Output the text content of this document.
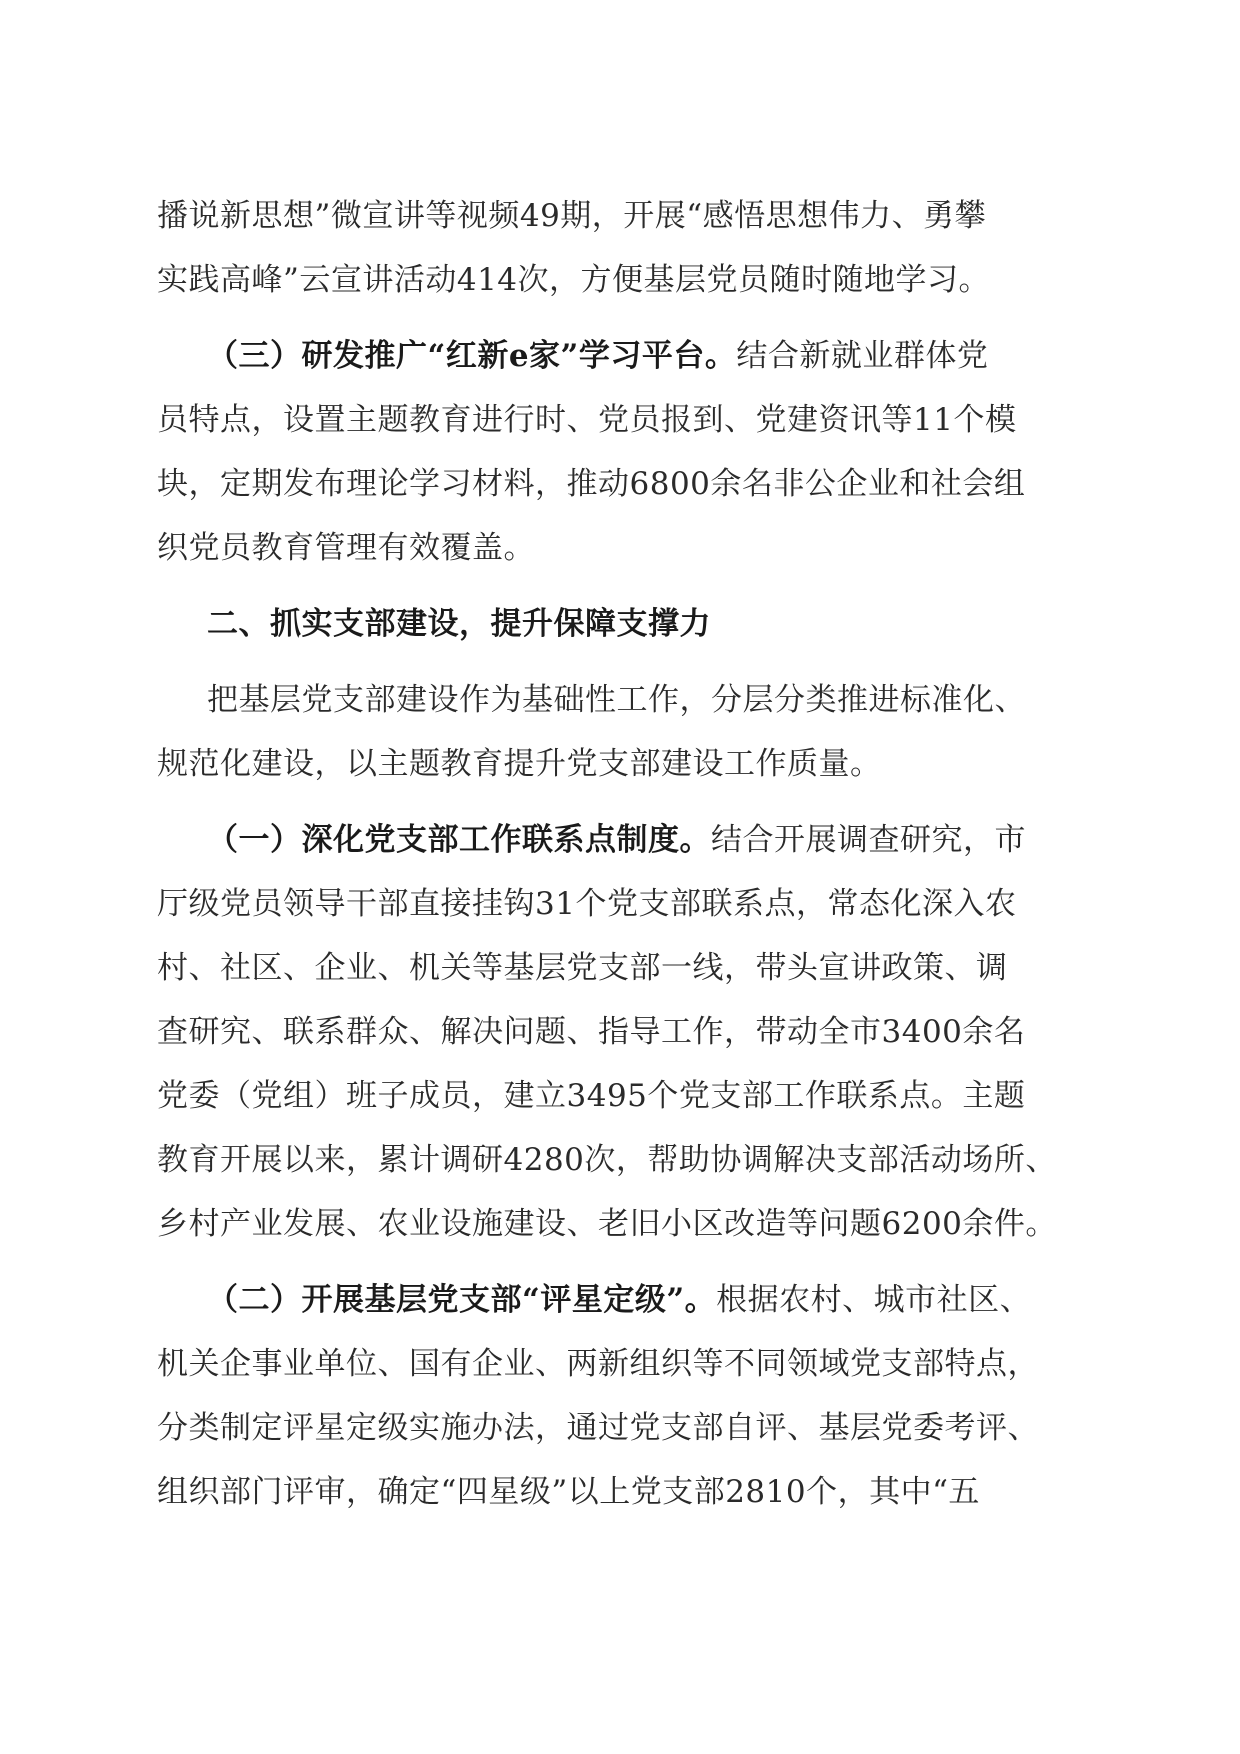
播说新思想”微宣讲等视频49期，开展“感悟思想伟力、勇攀
实践高峰”云宣讲活动414次，方便基层党员随时随地学习。
（三）研发推广“红新e家”学习平台。结合新就业群体党
员特点，设置主题教育进行时、党员报到、党建资讯等11个模
块，定期发布理论学习材料，推动6800余名非公企业和社会组
织党员教育管理有效覆盖。
二、抓实支部建设，提升保障支撑力
把基层党支部建设作为基础性工作，分层分类推进标准化、
规范化建设，以主题教育提升党支部建设工作质量。
（一）深化党支部工作联系点制度。结合开展调查研究，市
厅级党员领导干部直接挂钩31个党支部联系点，常态化深入农
村、社区、企业、机关等基层党支部一线，带头宣讲政策、调
查研究、联系群众、解决问题、指导工作，带动全市3400余名
党委（党组）班子成员，建立3495个党支部工作联系点。主题
教育开展以来，累计调研4280次，帮助协调解决支部活动场所、
乡村产业发展、农业设施建设、老旧小区改造等问题6200余件。
（二）开展基层党支部“评星定级”。根据农村、城市社区、
机关企事业单位、国有企业、两新组织等不同领域党支部特点，
分类制定评星定级实施办法，通过党支部自评、基层党委考评、
组织部门评审，确定“四星级”以上党支部2810个，其中“五
